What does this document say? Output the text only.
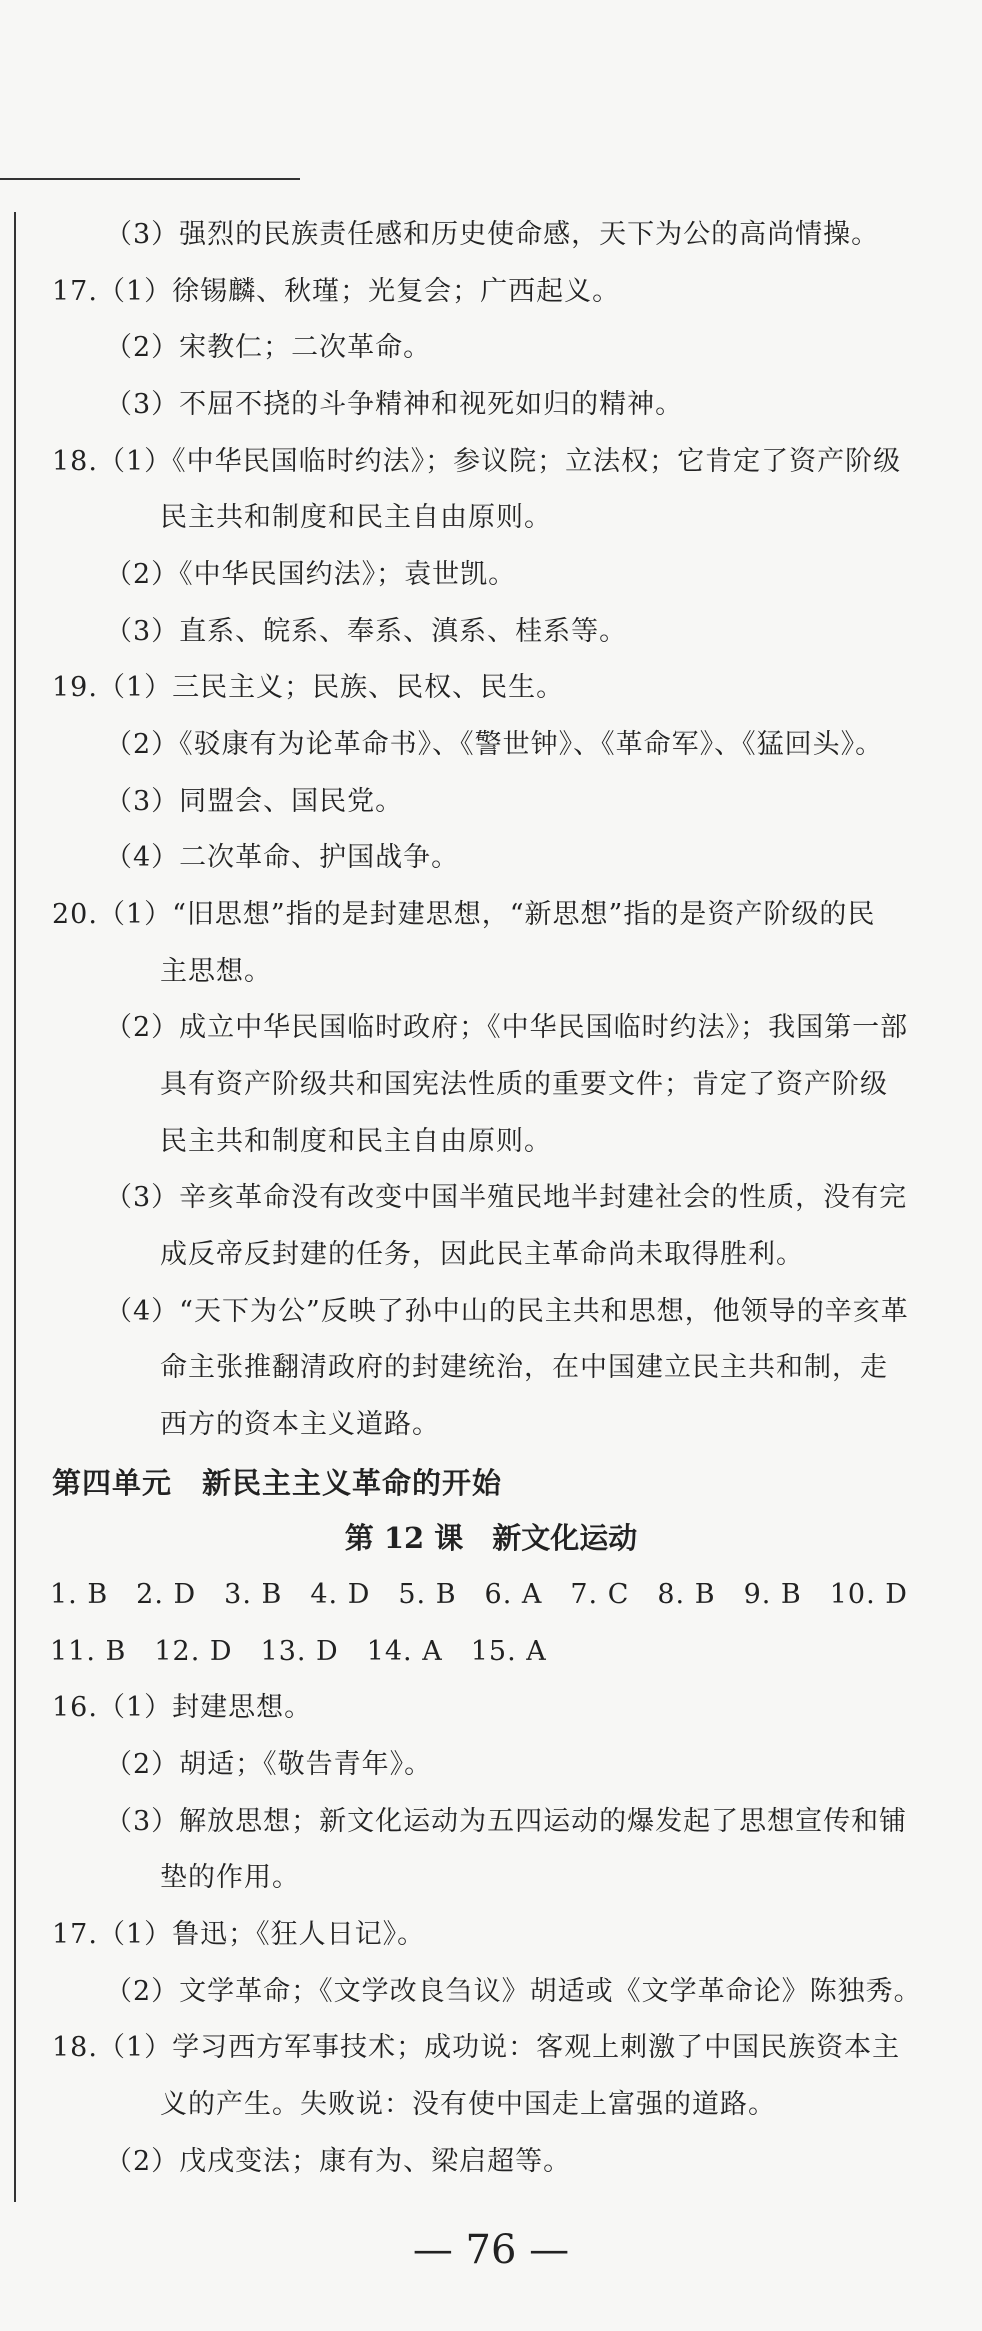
（3）强烈的民族责任感和历史使命感，天下为公的高尚情操。
17.（1）徐锡麟、秋瑾；光复会；广西起义。
（2）宋教仁；二次革命。
（3）不屈不挠的斗争精神和视死如归的精神。
18.（1）《中华民国临时约法》；参议院；立法权；它肯定了资产阶级
民主共和制度和民主自由原则。
（2）《中华民国约法》；袁世凯。
（3）直系、皖系、奉系、滇系、桂系等。
19.（1）三民主义；民族、民权、民生。
（2）《驳康有为论革命书》、《警世钟》、《革命军》、《猛回头》。
（3）同盟会、国民党。
（4）二次革命、护国战争。
20.（1）“旧思想”指的是封建思想，“新思想”指的是资产阶级的民
主思想。
（2）成立中华民国临时政府；《中华民国临时约法》；我国第一部
具有资产阶级共和国宪法性质的重要文件；肯定了资产阶级
民主共和制度和民主自由原则。
（3）辛亥革命没有改变中国半殖民地半封建社会的性质，没有完
成反帝反封建的任务，因此民主革命尚未取得胜利。
（4）“天下为公”反映了孙中山的民主共和思想，他领导的辛亥革
命主张推翻清政府的封建统治，在中国建立民主共和制，走
西方的资本主义道路。
第四单元　新民主主义革命的开始
第 12 课　新文化运动
1. B　2. D　3. B　4. D　5. B　6. A　7. C　8. B　9. B　10. D
11. B　12. D　13. D　14. A　15. A
16.（1）封建思想。
（2）胡适；《敬告青年》。
（3）解放思想；新文化运动为五四运动的爆发起了思想宣传和铺
垫的作用。
17.（1）鲁迅；《狂人日记》。
（2）文学革命；《文学改良刍议》胡适或《文学革命论》陈独秀。
18.（1）学习西方军事技术；成功说：客观上刺激了中国民族资本主
义的产生。失败说：没有使中国走上富强的道路。
（2）戊戌变法；康有为、梁启超等。
— 76 —
